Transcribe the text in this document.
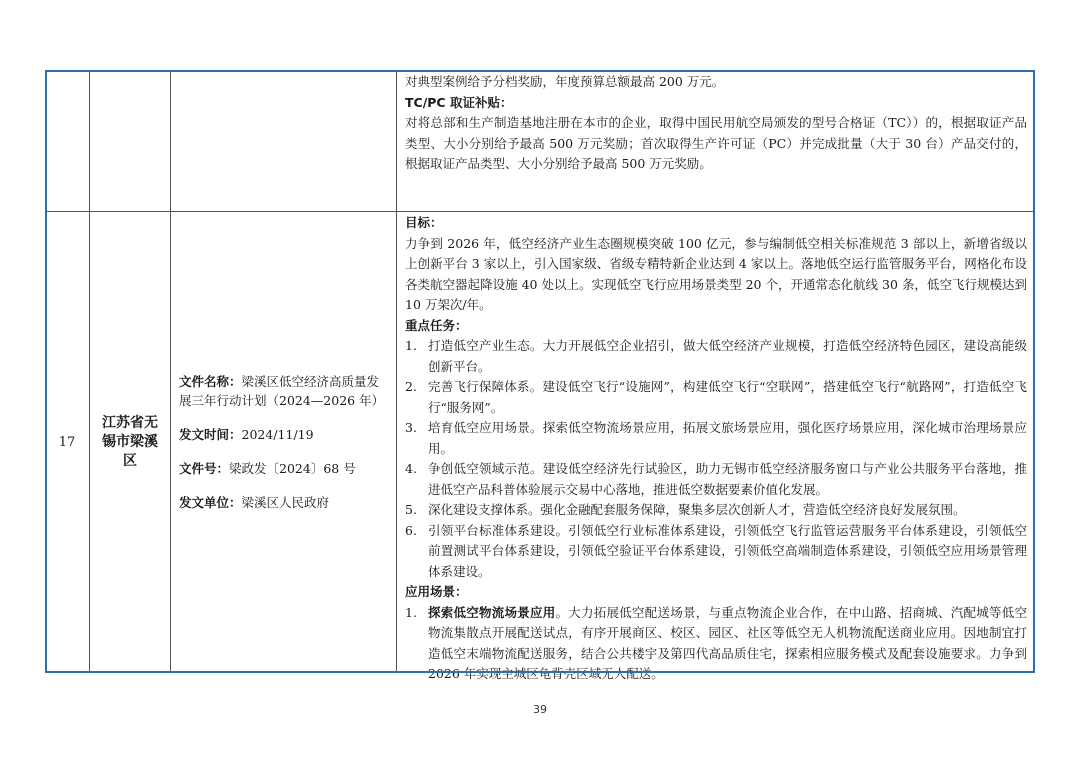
对典型案例给予分档奖励，年度预算总额最高 200 万元。

TC/PC 取证补贴：

对将总部和生产制造基地注册在本市的企业，取得中国民用航空局颁发的型号合格证（TC））的，根据取证产品类型、大小分别给予最高 500 万元奖励；首次取得生产许可证（PC）并完成批量（大于 30 台）产品交付的，根据取证产品类型、大小分别给予最高 500 万元奖励。

17
江苏省无锡市梁溪区
文件名称：梁溪区低空经济高质量发展三年行动计划（2024—2026 年）
发文时间：2024/11/19
文件号：梁政发〔2024〕68 号
发文单位：梁溪区人民政府
目标：

力争到 2026 年，低空经济产业生态圈规模突破 100 亿元，参与编制低空相关标准规范 3 部以上，新增省级以上创新平台 3 家以上，引入国家级、省级专精特新企业达到 4 家以上。落地低空运行监管服务平台，网格化布设各类航空器起降设施 40 处以上。实现低空飞行应用场景类型 20 个，开通常态化航线 30 条，低空飞行规模达到 10 万架次/年。

重点任务：
1. 打造低空产业生态。大力开展低空企业招引，做大低空经济产业规模，打造低空经济特色园区，建设高能级创新平台。
2. 完善飞行保障体系。建设低空飞行“设施网”，构建低空飞行“空联网”，搭建低空飞行“航路网”，打造低空飞行“服务网”。
3. 培育低空应用场景。探索低空物流场景应用，拓展文旅场景应用，强化医疗场景应用，深化城市治理场景应用。
4. 争创低空领域示范。建设低空经济先行试验区，助力无锡市低空经济服务窗口与产业公共服务平台落地，推进低空产品科普体验展示交易中心落地，推进低空数据要素价值化发展。
5. 深化建设支撑体系。强化金融配套服务保障，聚集多层次创新人才，营造低空经济良好发展氛围。
6. 引领平台标准体系建设。引领低空行业标准体系建设，引领低空飞行监管运营服务平台体系建设，引领低空前置测试平台体系建设，引领低空验证平台体系建设，引领低空高端制造体系建设，引领低空应用场景管理体系建设。
应用场景：
1. 探索低空物流场景应用。大力拓展低空配送场景，与重点物流企业合作，在中山路、招商城、汽配城等低空物流集散点开展配送试点，有序开展商区、校区、园区、社区等低空无人机物流配送商业应用。因地制宜打造低空末端物流配送服务，结合公共楼宇及第四代高品质住宅，探索相应服务模式及配套设施要求。力争到 2026 年实现主城区龟背壳区域无人配送。
39
